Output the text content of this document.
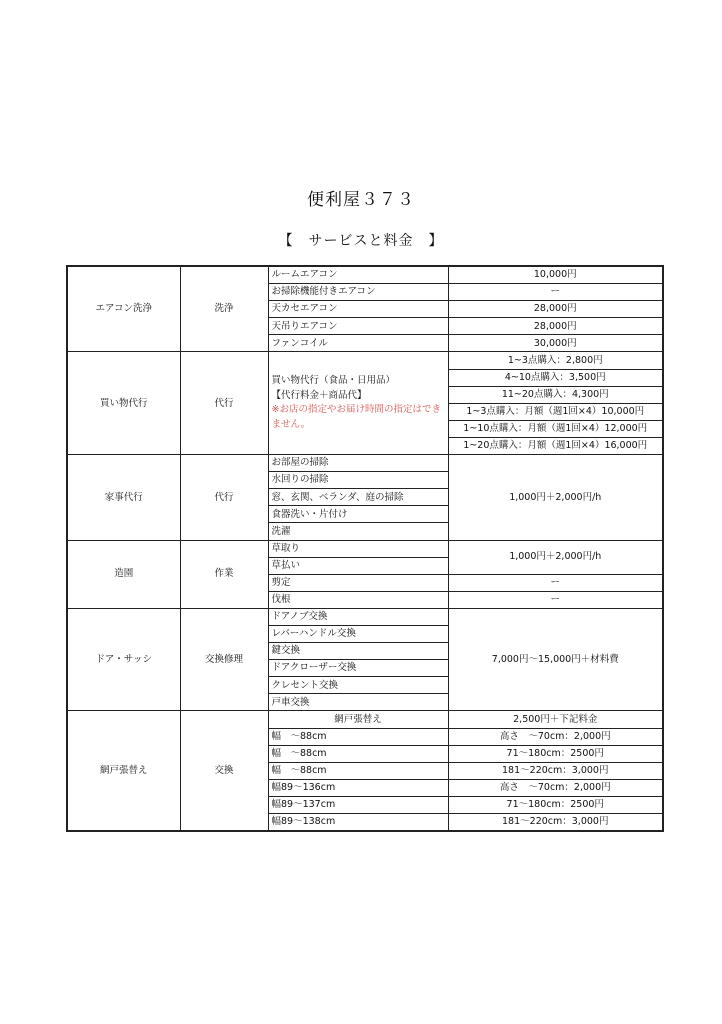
便利屋３７３
【　サービスと料金　】
エアコン洗浄	洗浄	ルームエアコン	10,000円
		お掃除機能付きエアコン	ー
		天カセエアコン	28,000円
		天吊りエアコン	28,000円
		ファンコイル	30,000円
買い物代行	代行	買い物代行（食品・日用品）
【代行料金＋商品代】
※お店の指定やお届け時間の指定はできません。	1~3点購入：2,800円
			4~10点購入：3,500円
			11~20点購入：4,300円
			1~3点購入：月額（週1回×4）10,000円
			1~10点購入：月額（週1回×4）12,000円
			1~20点購入：月額（週1回×4）16,000円
家事代行	代行	お部屋の掃除	1,000円＋2,000円/h
		水回りの掃除	
		窓、玄関、ベランダ、庭の掃除	
		食器洗い・片付け	
		洗濯	
造園	作業	草取り	1,000円＋2,000円/h
		草払い	
		剪定	ー
		伐根	ー
ドア・サッシ	交換修理	ドアノブ交換	7,000円〜15,000円＋材料費
		レバーハンドル交換	
		鍵交換	
		ドアクローザー交換	
		クレセント交換	
		戸車交換	
網戸張替え	交換	網戸張替え	2,500円＋下記料金
		幅　〜88cm	高さ　〜70cm：2,000円
		幅　〜88cm	71〜180cm：2500円
		幅　〜88cm	181〜220cm：3,000円
		幅89〜136cm	高さ　〜70cm：2,000円
		幅89〜137cm	71〜180cm：2500円
		幅89〜138cm	181〜220cm：3,000円
